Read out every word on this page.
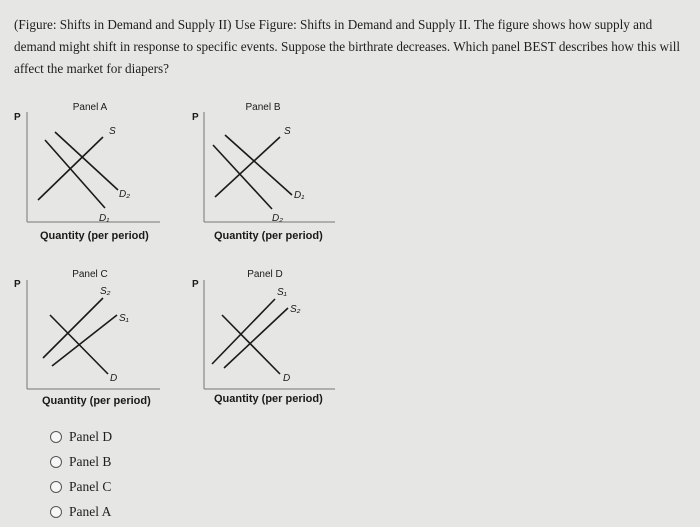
(Figure: Shifts in Demand and Supply II) Use Figure: Shifts in Demand and Supply II. The figure shows how supply and demand might shift in response to specific events. Suppose the birthrate decreases. Which panel BEST describes how this will affect the market for diapers?
P
Panel A
S
D₂
D₁
Quantity (per period)
P
Panel B
S
D₁
D₂
Quantity (per period)
P
Panel C
S₂
S₁
D
Quantity (per period)
P
Panel D
S₁
S₂
D
Quantity (per period)
Panel D
Panel B
Panel C
Panel A
